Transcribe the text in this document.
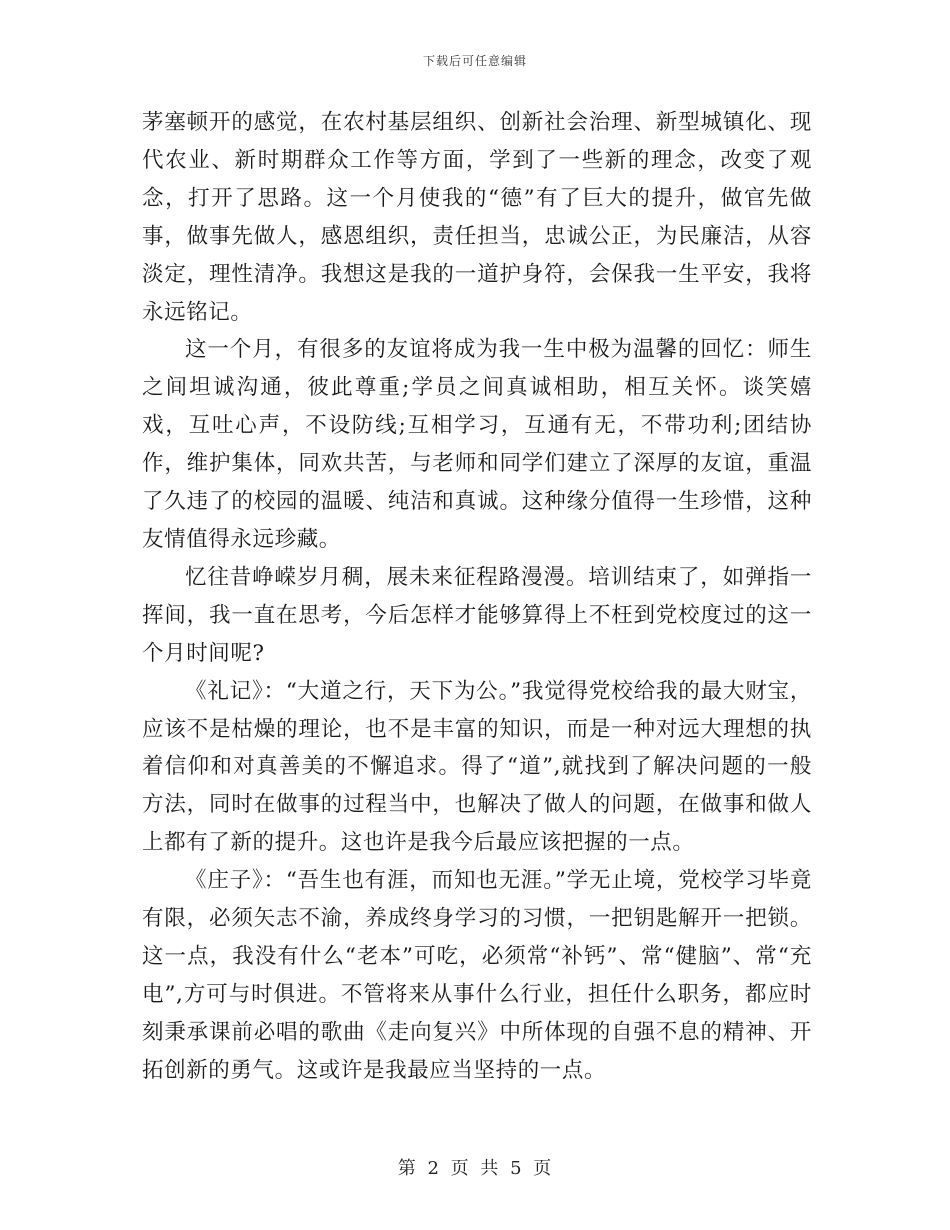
下载后可任意编辑

茅塞顿开的感觉，在农村基层组织、创新社会治理、新型城镇化、现代农业、新时期群众工作等方面，学到了一些新的理念，改变了观念，打开了思路。这一个月使我的“德”有了巨大的提升，做官先做事，做事先做人，感恩组织，责任担当，忠诚公正，为民廉洁，从容淡定，理性清净。我想这是我的一道护身符，会保我一生平安，我将永远铭记。

这一个月，有很多的友谊将成为我一生中极为温馨的回忆：师生之间坦诚沟通，彼此尊重;学员之间真诚相助，相互关怀。谈笑嬉戏，互吐心声，不设防线;互相学习，互通有无，不带功利;团结协作，维护集体，同欢共苦，与老师和同学们建立了深厚的友谊，重温了久违了的校园的温暖、纯洁和真诚。这种缘分值得一生珍惜，这种友情值得永远珍藏。

忆往昔峥嵘岁月稠，展未来征程路漫漫。培训结束了，如弹指一挥间，我一直在思考，今后怎样才能够算得上不枉到党校度过的这一个月时间呢?

《礼记》：“大道之行，天下为公。”我觉得党校给我的最大财宝，应该不是枯燥的理论，也不是丰富的知识，而是一种对远大理想的执着信仰和对真善美的不懈追求。得了“道”,就找到了解决问题的一般方法，同时在做事的过程当中，也解决了做人的问题，在做事和做人上都有了新的提升。这也许是我今后最应该把握的一点。

《庄子》：“吾生也有涯，而知也无涯。”学无止境，党校学习毕竟有限，必须矢志不渝，养成终身学习的习惯，一把钥匙解开一把锁。这一点，我没有什么“老本”可吃，必须常“补钙”、常“健脑”、常“充电”,方可与时俱进。不管将来从事什么行业，担任什么职务，都应时刻秉承课前必唱的歌曲《走向复兴》中所体现的自强不息的精神、开拓创新的勇气。这或许是我最应当坚持的一点。

第 2 页 共 5 页
